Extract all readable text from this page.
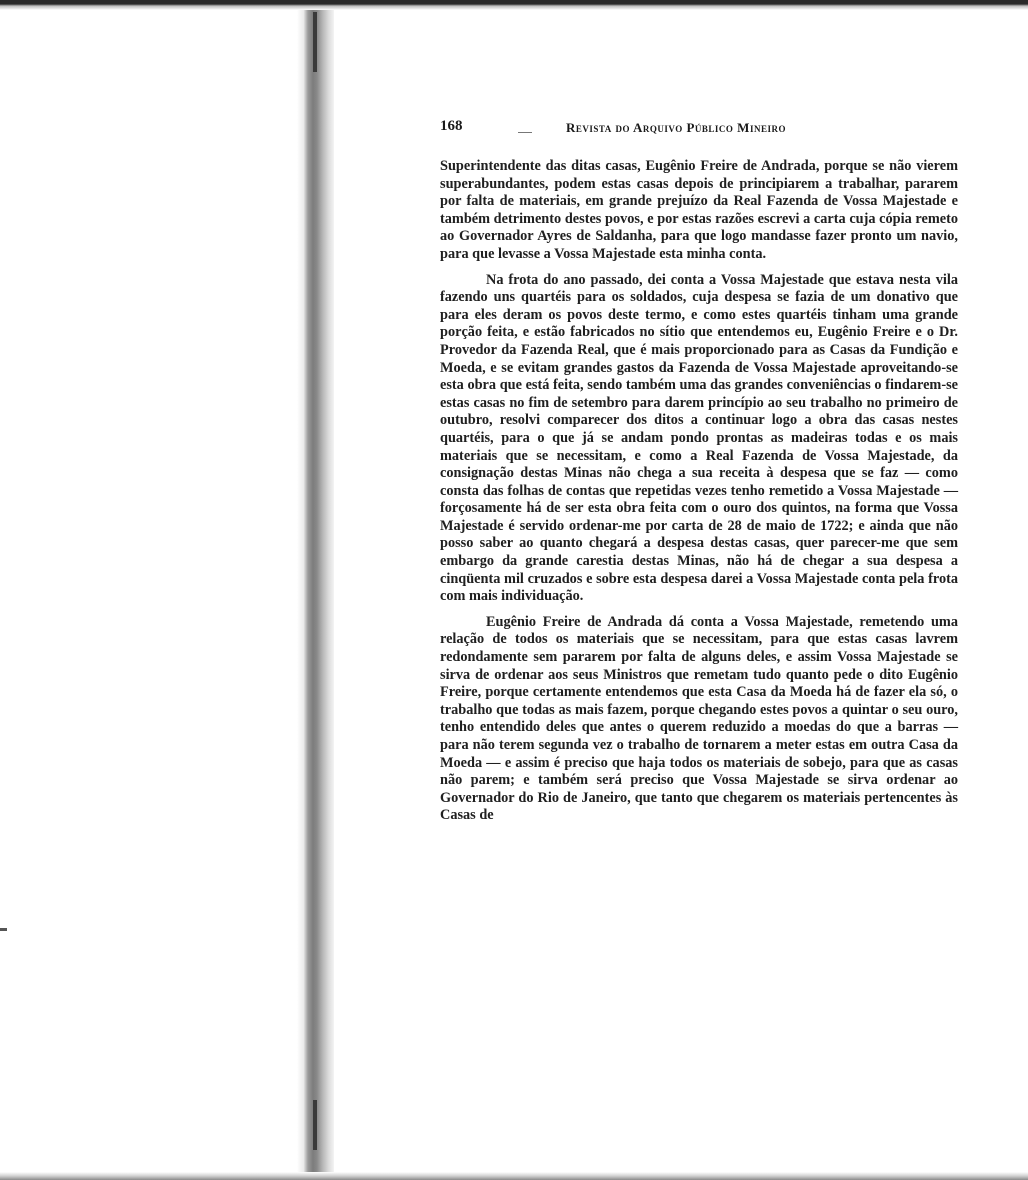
168	Revista do Arquivo Público Mineiro

Superintendente das ditas casas, Eugênio Freire de Andrada, porque se não vierem superabundantes, podem estas casas depois de principiarem a trabalhar, pararem por falta de materiais, em grande prejuízo da Real Fazenda de Vossa Majestade e também detrimento destes povos, e por estas razões escrevi a carta cuja cópia remeto ao Governador Ayres de Saldanha, para que logo mandasse fazer pronto um navio, para que levasse a Vossa Majestade esta minha conta.

Na frota do ano passado, dei conta a Vossa Majestade que estava nesta vila fazendo uns quartéis para os soldados, cuja despesa se fazia de um donativo que para eles deram os povos deste termo, e como estes quartéis tinham uma grande porção feita, e estão fabricados no sítio que entendemos eu, Eugênio Freire e o Dr. Provedor da Fazenda Real, que é mais proporcionado para as Casas da Fundição e Moeda, e se evitam grandes gastos da Fazenda de Vossa Majestade aproveitando-se esta obra que está feita, sendo também uma das grandes conveniências o findarem-se estas casas no fim de setembro para darem princípio ao seu trabalho no primeiro de outubro, resolvi comparecer dos ditos a continuar logo a obra das casas nestes quartéis, para o que já se andam pondo prontas as madeiras todas e os mais materiais que se necessitam, e como a Real Fazenda de Vossa Majestade, da consignação destas Minas não chega a sua receita à despesa que se faz — como consta das folhas de contas que repetidas vezes tenho remetido a Vossa Majestade — forçosamente há de ser esta obra feita com o ouro dos quintos, na forma que Vossa Majestade é servido ordenar-me por carta de 28 de maio de 1722; e ainda que não posso saber ao quanto chegará a despesa destas casas, quer parecer-me que sem embargo da grande carestia destas Minas, não há de chegar a sua despesa a cinqüenta mil cruzados e sobre esta despesa darei a Vossa Majestade conta pela frota com mais individuação.

Eugênio Freire de Andrada dá conta a Vossa Majestade, remetendo uma relação de todos os materiais que se necessitam, para que estas casas lavrem redondamente sem pararem por falta de alguns deles, e assim Vossa Majestade se sirva de ordenar aos seus Ministros que remetam tudo quanto pede o dito Eugênio Freire, porque certamente entendemos que esta Casa da Moeda há de fazer ela só, o trabalho que todas as mais fazem, porque chegando estes povos a quintar o seu ouro, tenho entendido deles que antes o querem reduzido a moedas do que a barras — para não terem segunda vez o trabalho de tornarem a meter estas em outra Casa da Moeda — e assim é preciso que haja todos os materiais de sobejo, para que as casas não parem; e também será preciso que Vossa Majestade se sirva ordenar ao Governador do Rio de Janeiro, que tanto que chegarem os materiais pertencentes às Casas de
